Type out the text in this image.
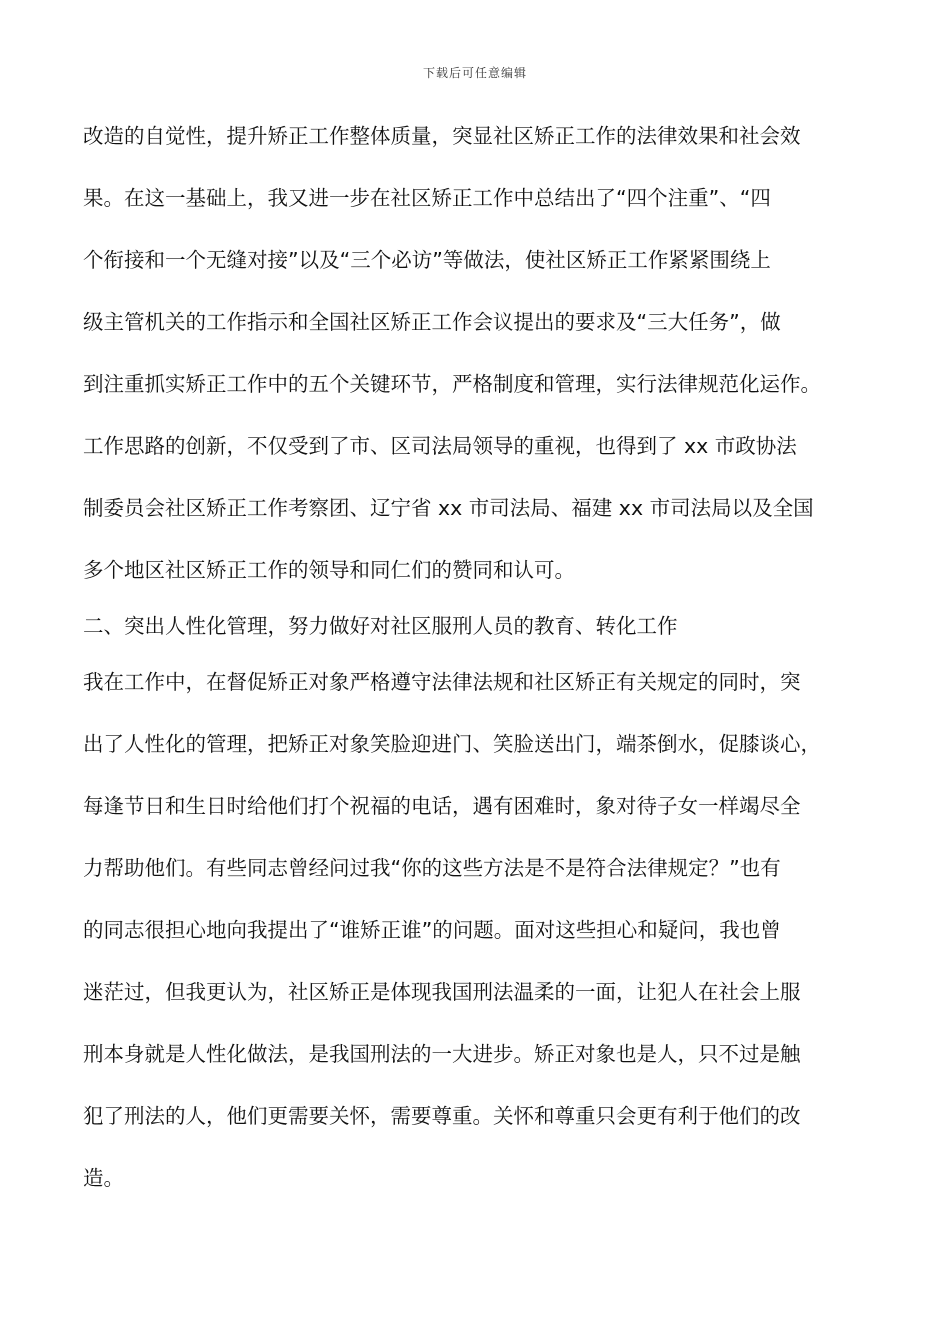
下载后可任意编辑
改造的自觉性，提升矫正工作整体质量，突显社区矫正工作的法律效果和社会效
果。在这一基础上，我又进一步在社区矫正工作中总结出了“四个注重”、“四
个衔接和一个无缝对接”以及“三个必访”等做法，使社区矫正工作紧紧围绕上
级主管机关的工作指示和全国社区矫正工作会议提出的要求及“三大任务”，做
到注重抓实矫正工作中的五个关键环节，严格制度和管理，实行法律规范化运作。
工作思路的创新，不仅受到了市、区司法局领导的重视，也得到了 xx 市政协法
制委员会社区矫正工作考察团、辽宁省 xx 市司法局、福建 xx 市司法局以及全国
多个地区社区矫正工作的领导和同仁们的赞同和认可。
二、突出人性化管理，努力做好对社区服刑人员的教育、转化工作
我在工作中，在督促矫正对象严格遵守法律法规和社区矫正有关规定的同时，突
出了人性化的管理，把矫正对象笑脸迎进门、笑脸送出门，端茶倒水，促膝谈心，
每逢节日和生日时给他们打个祝福的电话，遇有困难时，象对待子女一样竭尽全
力帮助他们。有些同志曾经问过我“你的这些方法是不是符合法律规定？”也有
的同志很担心地向我提出了“谁矫正谁”的问题。面对这些担心和疑问，我也曾
迷茫过，但我更认为，社区矫正是体现我国刑法温柔的一面，让犯人在社会上服
刑本身就是人性化做法，是我国刑法的一大进步。矫正对象也是人，只不过是触
犯了刑法的人，他们更需要关怀，需要尊重。关怀和尊重只会更有利于他们的改
造。
